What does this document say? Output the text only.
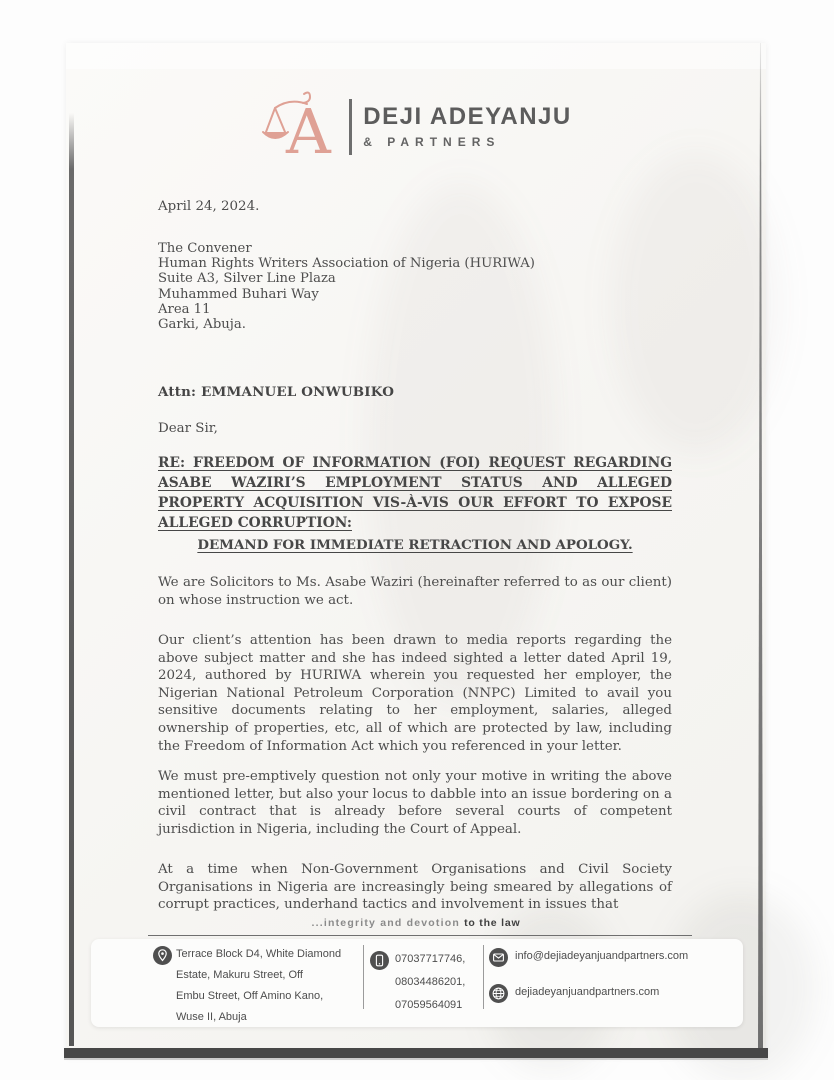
A DEJI ADEYANJU
& PARTNERS
April 24, 2024.
The Convener
Human Rights Writers Association of Nigeria (HURIWA)
Suite A3, Silver Line Plaza
Muhammed Buhari Way
Area 11
Garki, Abuja.
Attn: EMMANUEL ONWUBIKO
Dear Sir,
RE: FREEDOM OF INFORMATION (FOI) REQUEST REGARDING ASABE WAZIRI’S EMPLOYMENT STATUS AND ALLEGED PROPERTY ACQUISITION VIS-À-VIS OUR EFFORT TO EXPOSE ALLEGED CORRUPTION:
DEMAND FOR IMMEDIATE RETRACTION AND APOLOGY.
We are Solicitors to Ms. Asabe Waziri (hereinafter referred to as our client) on whose instruction we act.
Our client’s attention has been drawn to media reports regarding the above subject matter and she has indeed sighted a letter dated April 19, 2024, authored by HURIWA wherein you requested her employer, the Nigerian National Petroleum Corporation (NNPC) Limited to avail you sensitive documents relating to her employment, salaries, alleged ownership of properties, etc, all of which are protected by law, including the Freedom of Information Act which you referenced in your letter.
We must pre-emptively question not only your motive in writing the above mentioned letter, but also your locus to dabble into an issue bordering on a civil contract that is already before several courts of competent jurisdiction in Nigeria, including the Court of Appeal.
At a time when Non-Government Organisations and Civil Society Organisations in Nigeria are increasingly being smeared by allegations of corrupt practices, underhand tactics and involvement in issues that
...integrity and devotion to the law
Terrace Block D4, White Diamond
Estate, Makuru Street, Off
Embu Street, Off Amino Kano,
Wuse II, Abuja
07037717746,
08034486201,
07059564091
info@dejiadeyanjuandpartners.com
dejiadeyanjuandpartners.com
